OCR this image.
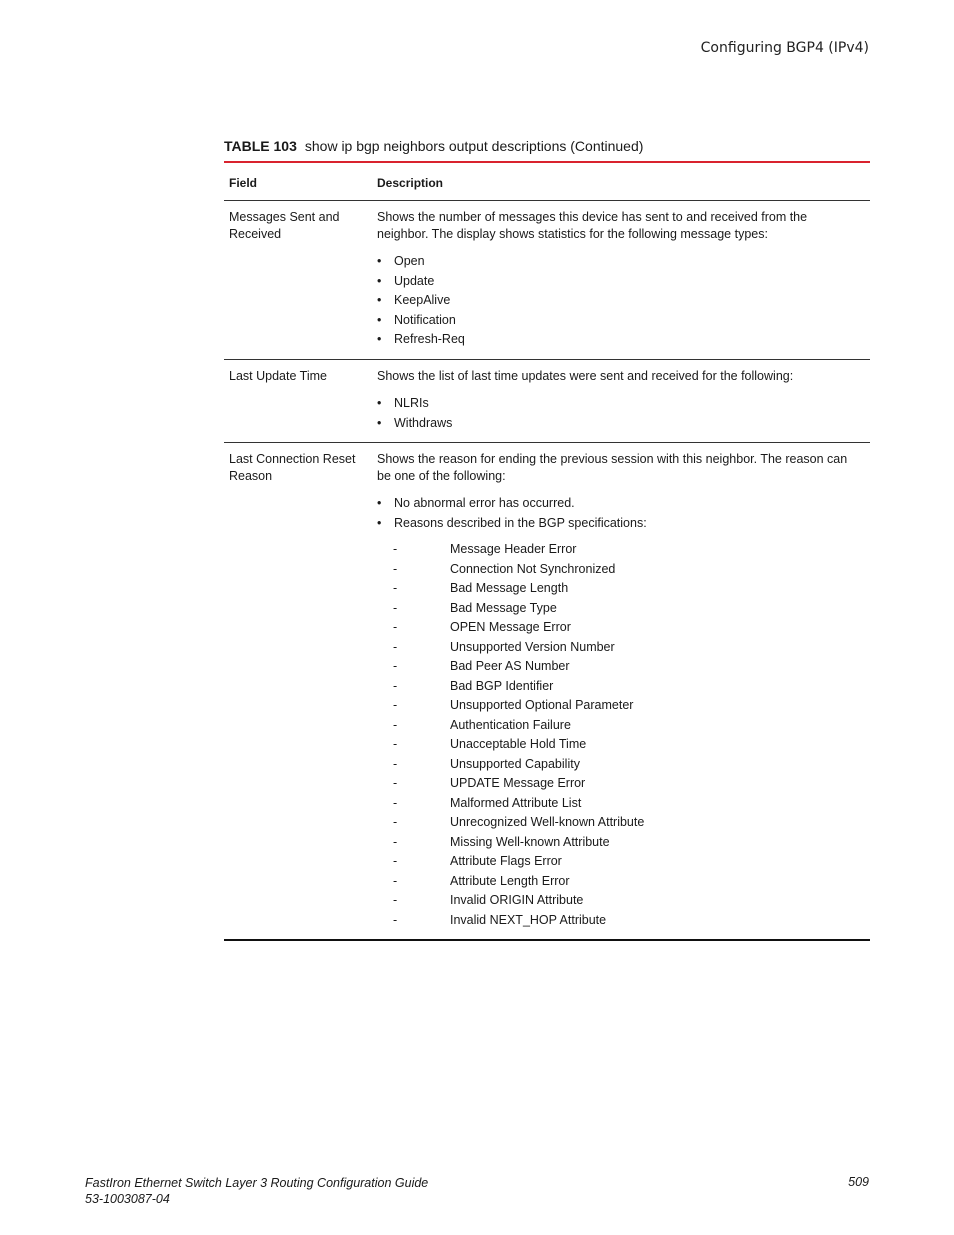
Configuring BGP4 (IPv4)
TABLE 103 show ip bgp neighbors output descriptions (Continued)
Field	Description
Messages Sent and Received

Shows the number of messages this device has sent to and received from the neighbor. The display shows statistics for the following message types:

• Open
• Update
• KeepAlive
• Notification
• Refresh-Req
Last Update Time	Shows the list of last time updates were sent and received for the following:

• NLRIs
• Withdraws
Last Connection Reset Reason

Shows the reason for ending the previous session with this neighbor. The reason can be one of the following:

• No abnormal error has occurred.
• Reasons described in the BGP specifications:
- Message Header Error
- Connection Not Synchronized
- Bad Message Length
- Bad Message Type
- OPEN Message Error
- Unsupported Version Number
- Bad Peer AS Number
- Bad BGP Identifier
- Unsupported Optional Parameter
- Authentication Failure
- Unacceptable Hold Time
- Unsupported Capability
- UPDATE Message Error
- Malformed Attribute List
- Unrecognized Well-known Attribute
- Missing Well-known Attribute
- Attribute Flags Error
- Attribute Length Error
- Invalid ORIGIN Attribute
- Invalid NEXT_HOP Attribute
FastIron Ethernet Switch Layer 3 Routing Configuration Guide
53-1003087-04
509
